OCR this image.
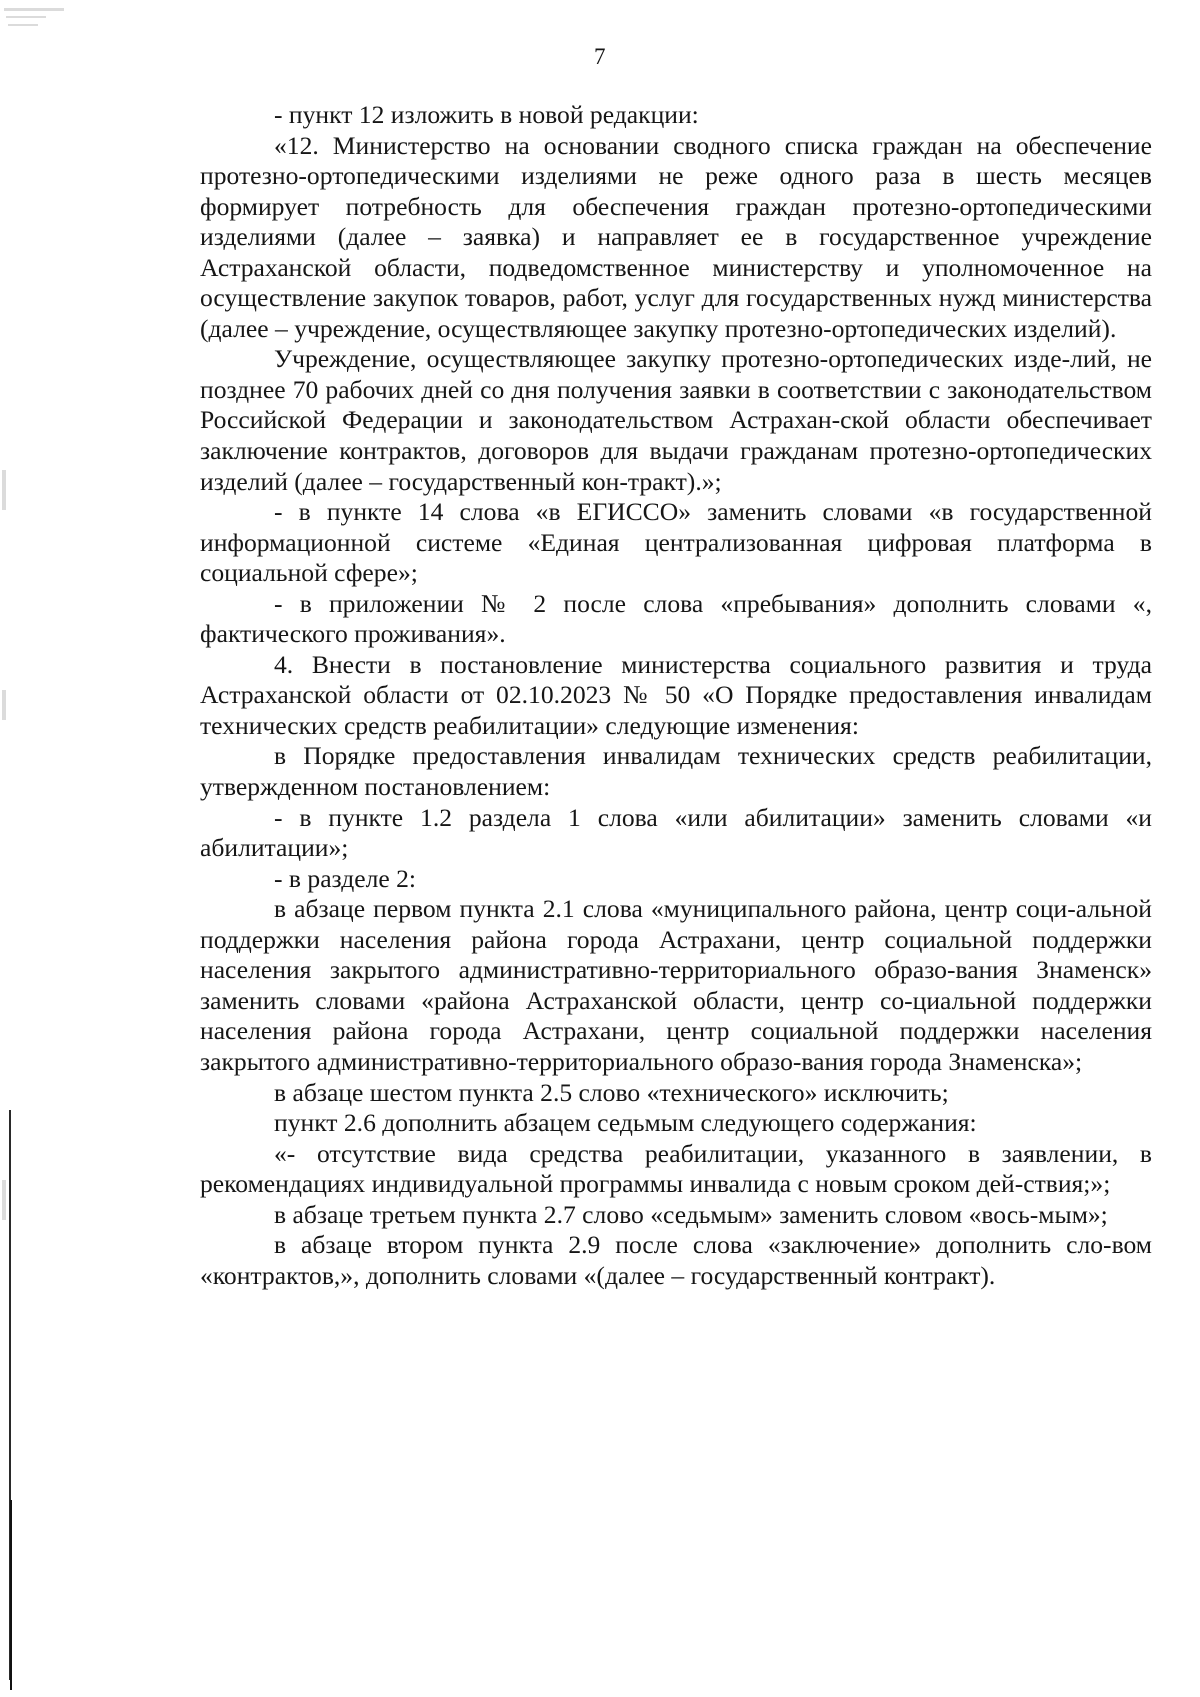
7

- пункт 12 изложить в новой редакции:

«12. Министерство на основании сводного списка граждан на обеспечение протезно-ортопедическими изделиями не реже одного раза в шесть месяцев формирует потребность для обеспечения граждан протезно-ортопедическими изделиями (далее – заявка) и направляет ее в государственное учреждение Астраханской области, подведомственное министерству и уполномоченное на осуществление закупок товаров, работ, услуг для государственных нужд министерства (далее – учреждение, осуществляющее закупку протезно-ортопедических изделий).

Учреждение, осуществляющее закупку протезно-ортопедических изде-лий, не позднее 70 рабочих дней со дня получения заявки в соответствии с законодательством Российской Федерации и законодательством Астрахан-ской области обеспечивает заключение контрактов, договоров для выдачи гражданам протезно-ортопедических изделий (далее – государственный кон-тракт).»;

- в пункте 14 слова «в ЕГИССО» заменить словами «в государственной информационной системе «Единая централизованная цифровая платформа в социальной сфере»;

- в приложении № 2 после слова «пребывания» дополнить словами «, фактического проживания».

4. Внести в постановление министерства социального развития и труда Астраханской области от 02.10.2023 № 50 «О Порядке предоставления инвалидам технических средств реабилитации» следующие изменения:

в Порядке предоставления инвалидам технических средств реабилитации, утвержденном постановлением:

- в пункте 1.2 раздела 1 слова «или абилитации» заменить словами «и абилитации»;

- в разделе 2:

в абзаце первом пункта 2.1 слова «муниципального района, центр соци-альной поддержки населения района города Астрахани, центр социальной поддержки населения закрытого административно-территориального образо-вания Знаменск» заменить словами «района Астраханской области, центр со-циальной поддержки населения района города Астрахани, центр социальной поддержки населения закрытого административно-территориального образо-вания города Знаменска»;

в абзаце шестом пункта 2.5 слово «технического» исключить;

пункт 2.6 дополнить абзацем седьмым следующего содержания:

«- отсутствие вида средства реабилитации, указанного в заявлении, в рекомендациях индивидуальной программы инвалида с новым сроком дей-ствия;»;

в абзаце третьем пункта 2.7 слово «седьмым» заменить словом «вось-мым»;

в абзаце втором пункта 2.9 после слова «заключение» дополнить сло-вом «контрактов,», дополнить словами «(далее – государственный контракт).
